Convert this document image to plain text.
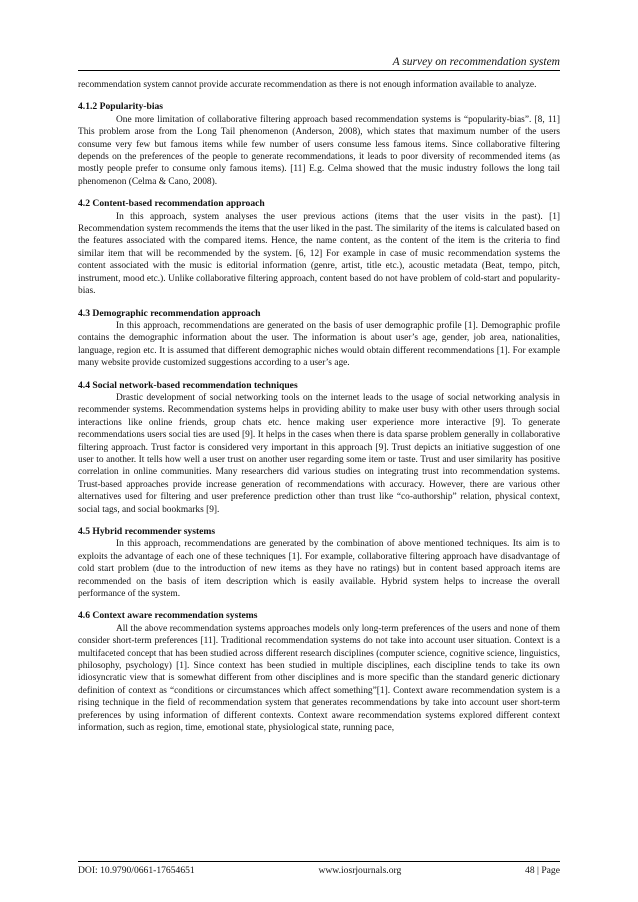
A survey on recommendation system

recommendation system cannot provide accurate recommendation as there is not enough information available to analyze.

4.1.2 Popularity-bias

One more limitation of collaborative filtering approach based recommendation systems is “popularity-bias”. [8, 11] This problem arose from the Long Tail phenomenon (Anderson, 2008), which states that maximum number of the users consume very few but famous items while few number of users consume less famous items. Since collaborative filtering depends on the preferences of the people to generate recommendations, it leads to poor diversity of recommended items (as mostly people prefer to consume only famous items). [11] E.g. Celma showed that the music industry follows the long tail phenomenon (Celma & Cano, 2008).

4.2 Content-based recommendation approach

In this approach, system analyses the user previous actions (items that the user visits in the past). [1] Recommendation system recommends the items that the user liked in the past. The similarity of the items is calculated based on the features associated with the compared items. Hence, the name content, as the content of the item is the criteria to find similar item that will be recommended by the system. [6, 12] For example in case of music recommendation systems the content associated with the music is editorial information (genre, artist, title etc.), acoustic metadata (Beat, tempo, pitch, instrument, mood etc.). Unlike collaborative filtering approach, content based do not have problem of cold-start and popularity-bias.

4.3 Demographic recommendation approach

In this approach, recommendations are generated on the basis of user demographic profile [1]. Demographic profile contains the demographic information about the user. The information is about user’s age, gender, job area, nationalities, language, region etc. It is assumed that different demographic niches would obtain different recommendations [1]. For example many website provide customized suggestions according to a user’s age.

4.4 Social network-based recommendation techniques

Drastic development of social networking tools on the internet leads to the usage of social networking analysis in recommender systems. Recommendation systems helps in providing ability to make user busy with other users through social interactions like online friends, group chats etc. hence making user experience more interactive [9]. To generate recommendations users social ties are used [9]. It helps in the cases when there is data sparse problem generally in collaborative filtering approach. Trust factor is considered very important in this approach [9]. Trust depicts an initiative suggestion of one user to another. It tells how well a user trust on another user regarding some item or taste. Trust and user similarity has positive correlation in online communities. Many researchers did various studies on integrating trust into recommendation systems. Trust-based approaches provide increase generation of recommendations with accuracy. However, there are various other alternatives used for filtering and user preference prediction other than trust like “co-authorship” relation, physical context, social tags, and social bookmarks [9].

4.5 Hybrid recommender systems

In this approach, recommendations are generated by the combination of above mentioned techniques. Its aim is to exploits the advantage of each one of these techniques [1]. For example, collaborative filtering approach have disadvantage of cold start problem (due to the introduction of new items as they have no ratings) but in content based approach items are recommended on the basis of item description which is easily available. Hybrid system helps to increase the overall performance of the system.

4.6 Context aware recommendation systems

All the above recommendation systems approaches models only long-term preferences of the users and none of them consider short-term preferences [11]. Traditional recommendation systems do not take into account user situation. Context is a multifaceted concept that has been studied across different research disciplines (computer science, cognitive science, linguistics, philosophy, psychology) [1]. Since context has been studied in multiple disciplines, each discipline tends to take its own idiosyncratic view that is somewhat different from other disciplines and is more specific than the standard generic dictionary definition of context as “conditions or circumstances which affect something”[1]. Context aware recommendation system is a rising technique in the field of recommendation system that generates recommendations by take into account user short-term preferences by using information of different contexts. Context aware recommendation systems explored different context information, such as region, time, emotional state, physiological state, running pace,

DOI: 10.9790/0661-17654651	www.iosrjournals.org	48 | Page
